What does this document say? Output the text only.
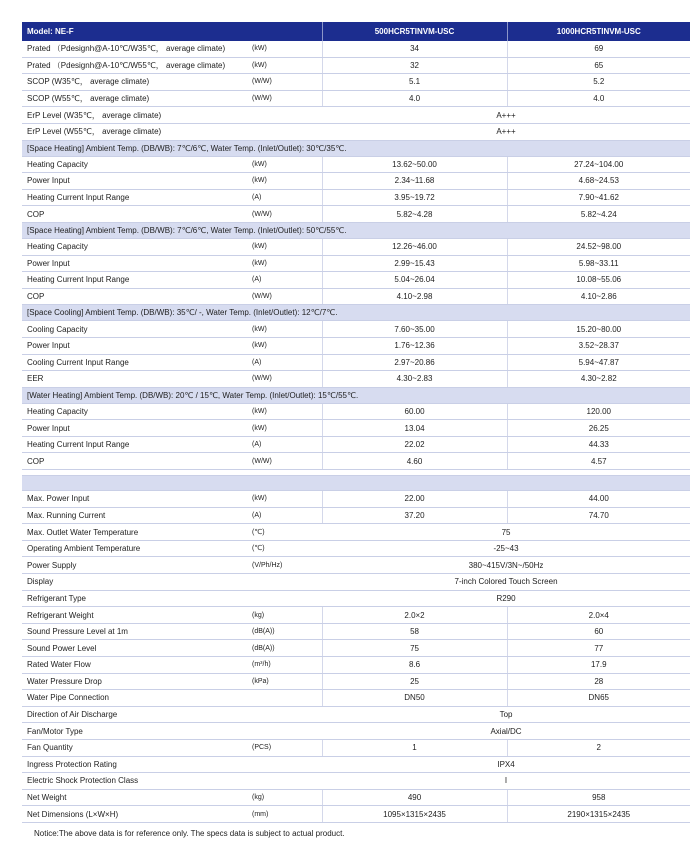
Model: NE-F		500HCR5TINVM-USC	1000HCR5TINVM-USC
Prated （Pdesignh@A-10℃/W35℃， average climate)	(kW)	34	69
Prated （Pdesignh@A-10℃/W55℃， average climate)	(kW)	32	65
SCOP (W35℃， average climate)	(W/W)	5.1	5.2
SCOP (W55℃， average climate)	(W/W)	4.0	4.0
ErP Level (W35℃， average climate)		A+++	
ErP Level (W55℃， average climate)		A+++	
[Space Heating] Ambient Temp. (DB/WB): 7℃/6℃, Water Temp. (Inlet/Outlet): 30℃/35℃.			
Heating Capacity	(kW)	13.62~50.00	27.24~104.00
Power Input	(kW)	2.34~11.68	4.68~24.53
Heating Current Input Range	(A)	3.95~19.72	7.90~41.62
COP	(W/W)	5.82~4.28	5.82~4.24
[Space Heating] Ambient Temp. (DB/WB): 7℃/6℃, Water Temp. (Inlet/Outlet): 50℃/55℃.			
Heating Capacity	(kW)	12.26~46.00	24.52~98.00
Power Input	(kW)	2.99~15.43	5.98~33.11
Heating Current Input Range	(A)	5.04~26.04	10.08~55.06
COP	(W/W)	4.10~2.98	4.10~2.86
[Space Cooling] Ambient Temp. (DB/WB): 35℃/ -, Water Temp. (Inlet/Outlet): 12℃/7℃.			
Cooling Capacity	(kW)	7.60~35.00	15.20~80.00
Power Input	(kW)	1.76~12.36	3.52~28.37
Cooling Current Input Range	(A)	2.97~20.86	5.94~47.87
EER	(W/W)	4.30~2.83	4.30~2.82
[Water Heating] Ambient Temp. (DB/WB): 20℃ / 15℃, Water Temp. (Inlet/Outlet): 15℃/55℃.			
Heating Capacity	(kW)	60.00	120.00
Power Input	(kW)	13.04	26.25
Heating Current Input Range	(A)	22.02	44.33
COP	(W/W)	4.60	4.57

Max. Power Input	(kW)	22.00	44.00
Max. Running Current	(A)	37.20	74.70
Max. Outlet Water Temperature	(℃)	75	
Operating Ambient Temperature	(℃)	-25~43	
Power Supply	(V/Ph/Hz)	380~415V/3N~/50Hz	
Display		7-inch Colored Touch Screen	
Refrigerant Type		R290	
Refrigerant Weight	(kg)	2.0×2	2.0×4
Sound Pressure Level at 1m	(dB(A))	58	60
Sound Power Level	(dB(A))	75	77
Rated Water Flow	(m³/h)	8.6	17.9
Water Pressure Drop	(kPa)	25	28
Water Pipe Connection		DN50	DN65
Direction of Air Discharge		Top	
Fan/Motor Type		Axial/DC	
Fan Quantity	(PCS)	1	2
Ingress Protection Rating		IPX4	
Electric Shock Protection Class		I	
Net Weight	(kg)	490	958
Net Dimensions (L×W×H)	(mm)	1095×1315×2435	2190×1315×2435
Notice:The above data is for reference only. The specs data is subject to actual product.
